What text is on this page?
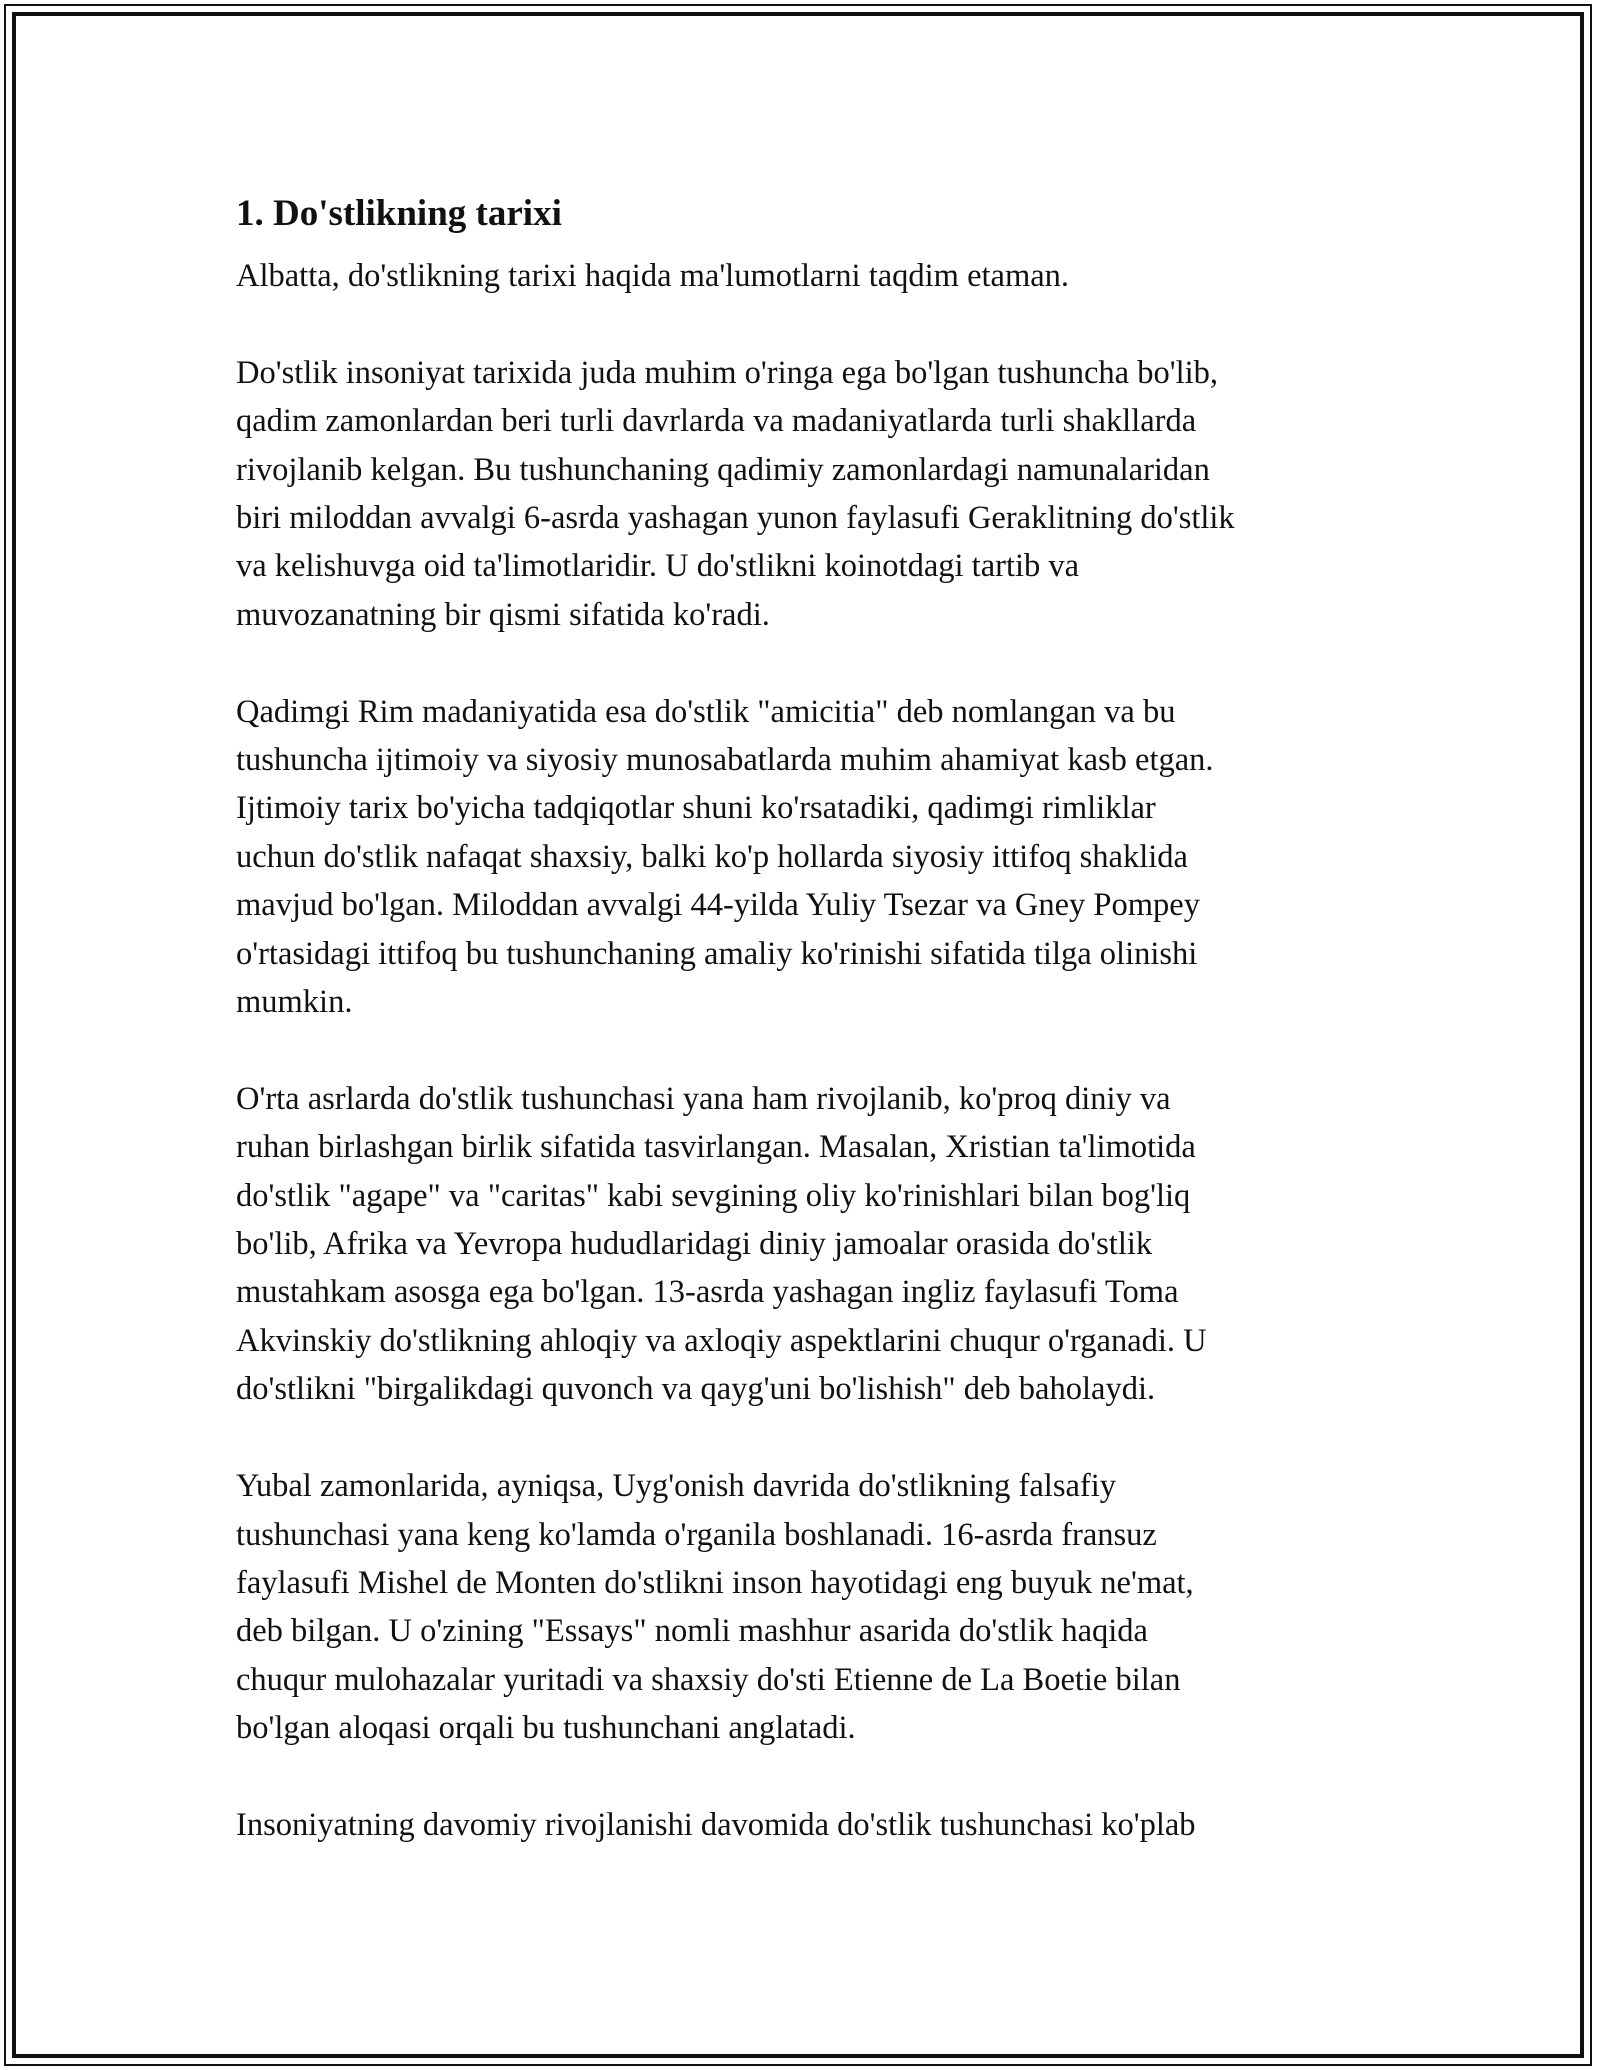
1. Do'stlikning tarixi

Albatta, do'stlikning tarixi haqida ma'lumotlarni taqdim etaman.

Do'stlik insoniyat tarixida juda muhim o'ringa ega bo'lgan tushuncha bo'lib,
qadim zamonlardan beri turli davrlarda va madaniyatlarda turli shakllarda
rivojlanib kelgan. Bu tushunchaning qadimiy zamonlardagi namunalaridan
biri miloddan avvalgi 6-asrda yashagan yunon faylasufi Geraklitning do'stlik
va kelishuvga oid ta'limotlaridir. U do'stlikni koinotdagi tartib va
muvozanatning bir qismi sifatida ko'radi.

Qadimgi Rim madaniyatida esa do'stlik "amicitia" deb nomlangan va bu
tushuncha ijtimoiy va siyosiy munosabatlarda muhim ahamiyat kasb etgan.
Ijtimoiy tarix bo'yicha tadqiqotlar shuni ko'rsatadiki, qadimgi rimliklar
uchun do'stlik nafaqat shaxsiy, balki ko'p hollarda siyosiy ittifoq shaklida
mavjud bo'lgan. Miloddan avvalgi 44-yilda Yuliy Tsezar va Gney Pompey
o'rtasidagi ittifoq bu tushunchaning amaliy ko'rinishi sifatida tilga olinishi
mumkin.

O'rta asrlarda do'stlik tushunchasi yana ham rivojlanib, ko'proq diniy va
ruhan birlashgan birlik sifatida tasvirlangan. Masalan, Xristian ta'limotida
do'stlik "agape" va "caritas" kabi sevgining oliy ko'rinishlari bilan bog'liq
bo'lib, Afrika va Yevropa hududlaridagi diniy jamoalar orasida do'stlik
mustahkam asosga ega bo'lgan. 13-asrda yashagan ingliz faylasufi Toma
Akvinskiy do'stlikning ahloqiy va axloqiy aspektlarini chuqur o'rganadi. U
do'stlikni "birgalikdagi quvonch va qayg'uni bo'lishish" deb baholaydi.

Yubal zamonlarida, ayniqsa, Uyg'onish davrida do'stlikning falsafiy
tushunchasi yana keng ko'lamda o'rganila boshlanadi. 16-asrda fransuz
faylasufi Mishel de Monten do'stlikni inson hayotidagi eng buyuk ne'mat,
deb bilgan. U o'zining "Essays" nomli mashhur asarida do'stlik haqida
chuqur mulohazalar yuritadi va shaxsiy do'sti Etienne de La Boetie bilan
bo'lgan aloqasi orqali bu tushunchani anglatadi.

Insoniyatning davomiy rivojlanishi davomida do'stlik tushunchasi ko'plab
